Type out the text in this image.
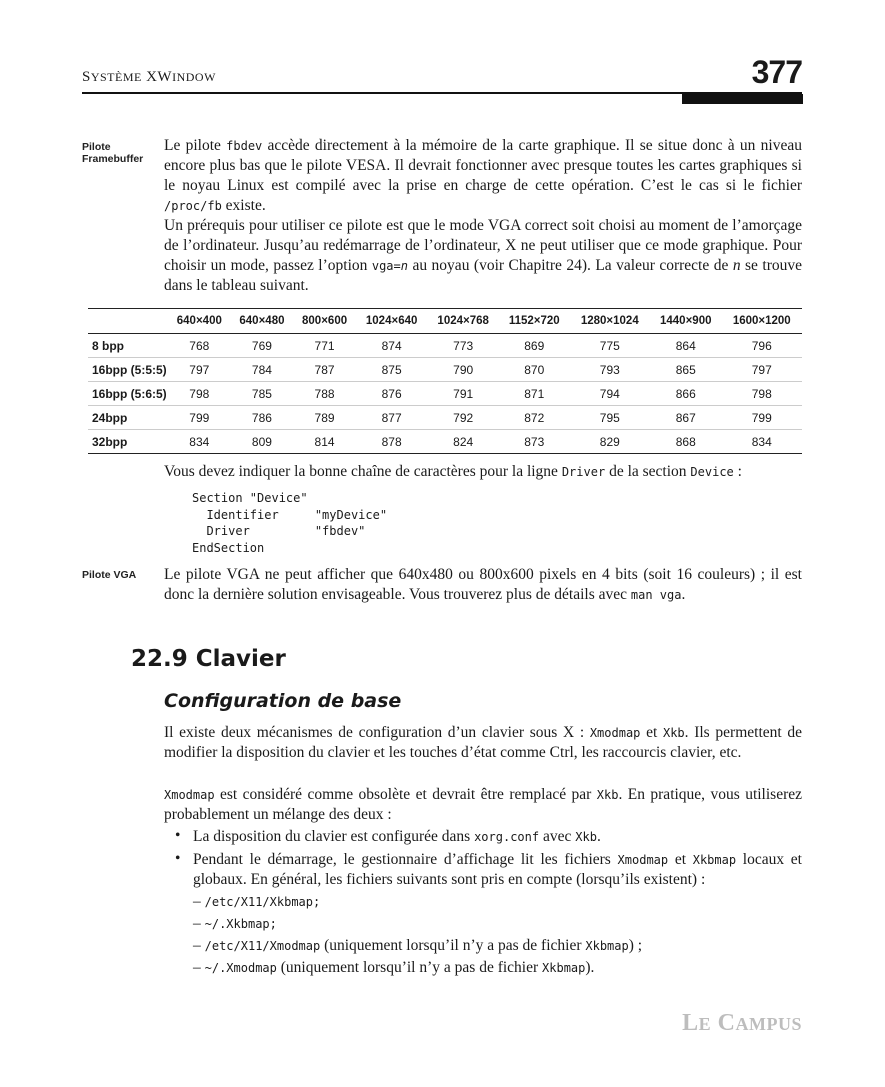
SYSTÈME XWINDOW	377
Pilote
Framebuffer
Le pilote fbdev accède directement à la mémoire de la carte graphique. Il se situe donc à un niveau encore plus bas que le pilote VESA. Il devrait fonctionner avec presque toutes les cartes graphiques si le noyau Linux est compilé avec la prise en charge de cette opération. C’est le cas si le fichier /proc/fb existe.
Un prérequis pour utiliser ce pilote est que le mode VGA correct soit choisi au moment de l’amorçage de l’ordinateur. Jusqu’au redémarrage de l’ordinateur, X ne peut utiliser que ce mode graphique. Pour choisir un mode, passez l’option vga=n au noyau (voir Chapitre 24). La valeur correcte de n se trouve dans le tableau suivant.
	640×400	640×480	800×600	1024×640	1024×768	1152×720	1280×1024	1440×900	1600×1200
8 bpp	768	769	771	874	773	869	775	864	796
16bpp (5:5:5)	797	784	787	875	790	870	793	865	797
16bpp (5:6:5)	798	785	788	876	791	871	794	866	798
24bpp	799	786	789	877	792	872	795	867	799
32bpp	834	809	814	878	824	873	829	868	834
Vous devez indiquer la bonne chaîne de caractères pour la ligne Driver de la section Device :
Section "Device"
Identifier     "myDevice"
Driver         "fbdev"
EndSection
Pilote VGA Le pilote VGA ne peut afficher que 640x480 ou 800x600 pixels en 4 bits (soit 16 couleurs) ; il est donc la dernière solution envisageable. Vous trouverez plus de détails avec man vga.
22.9 Clavier
Configuration de base
Il existe deux mécanismes de configuration d’un clavier sous X : Xmodmap et Xkb. Ils permettent de modifier la disposition du clavier et les touches d’état comme Ctrl, les raccourcis clavier, etc.
Xmodmap est considéré comme obsolète et devrait être remplacé par Xkb. En pratique, vous utiliserez probablement un mélange des deux :
• La disposition du clavier est configurée dans xorg.conf avec Xkb.
• Pendant le démarrage, le gestionnaire d’affichage lit les fichiers Xmodmap et Xkbmap locaux et globaux. En général, les fichiers suivants sont pris en compte (lorsqu’ils existent) :
– /etc/X11/Xkbmap;
– ~/.Xkbmap;
– /etc/X11/Xmodmap (uniquement lorsqu’il n’y a pas de fichier Xkbmap) ;
– ~/.Xmodmap (uniquement lorsqu’il n’y a pas de fichier Xkbmap).
LE CAMPUS
